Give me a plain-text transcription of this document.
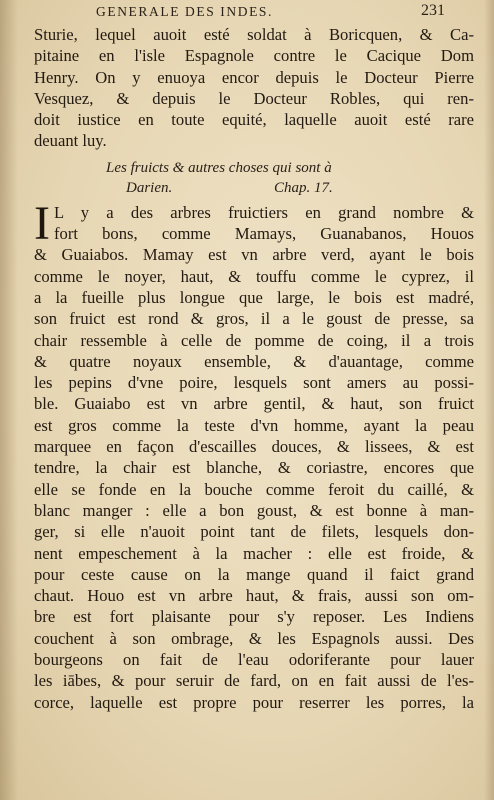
GENERALE DES INDES.	231
Sturie, lequel auoit esté soldat à Boricquen, & Ca-
pitaine en l'isle Espagnole contre le Cacique Dom
Henry. On y enuoya encor depuis le Docteur Pierre
Vesquez, & depuis le Docteur Robles, qui ren-
doit iustice en toute equité, laquelle auoit esté rare
deuant luy.
Les fruicts & autres choses qui sont à
Darien.	Chap. 17.
I L y a des arbres fruictiers en grand nombre &
fort bons, comme Mamays, Guanabanos, Houos
& Guaiabos. Mamay est vn arbre verd, ayant le bois
comme le noyer, haut, & touffu comme le cyprez, il
a la fueille plus longue que large, le bois est madré,
son fruict est rond & gros, il a le goust de presse, sa
chair ressemble à celle de pomme de coing, il a trois
& quatre noyaux ensemble, & d'auantage, comme
les pepins d'vne poire, lesquels sont amers au possi-
ble. Guaiabo est vn arbre gentil, & haut, son fruict
est gros comme la teste d'vn homme, ayant la peau
marquee en façon d'escailles douces, & lissees, & est
tendre, la chair est blanche, & coriastre, encores que
elle se fonde en la bouche comme feroit du caillé, &
blanc manger : elle a bon goust, & est bonne à man-
ger, si elle n'auoit point tant de filets, lesquels don-
nent empeschement à la macher : elle est froide, &
pour ceste cause on la mange quand il faict grand
chaut. Houo est vn arbre haut, & frais, aussi son om-
bre est fort plaisante pour s'y reposer. Les Indiens
couchent à son ombrage, & les Espagnols aussi. Des
bourgeons on fait de l'eau odoriferante pour lauer
les iābes, & pour seruir de fard, on en fait aussi de l'es-
corce, laquelle est propre pour reserrer les porres, la
